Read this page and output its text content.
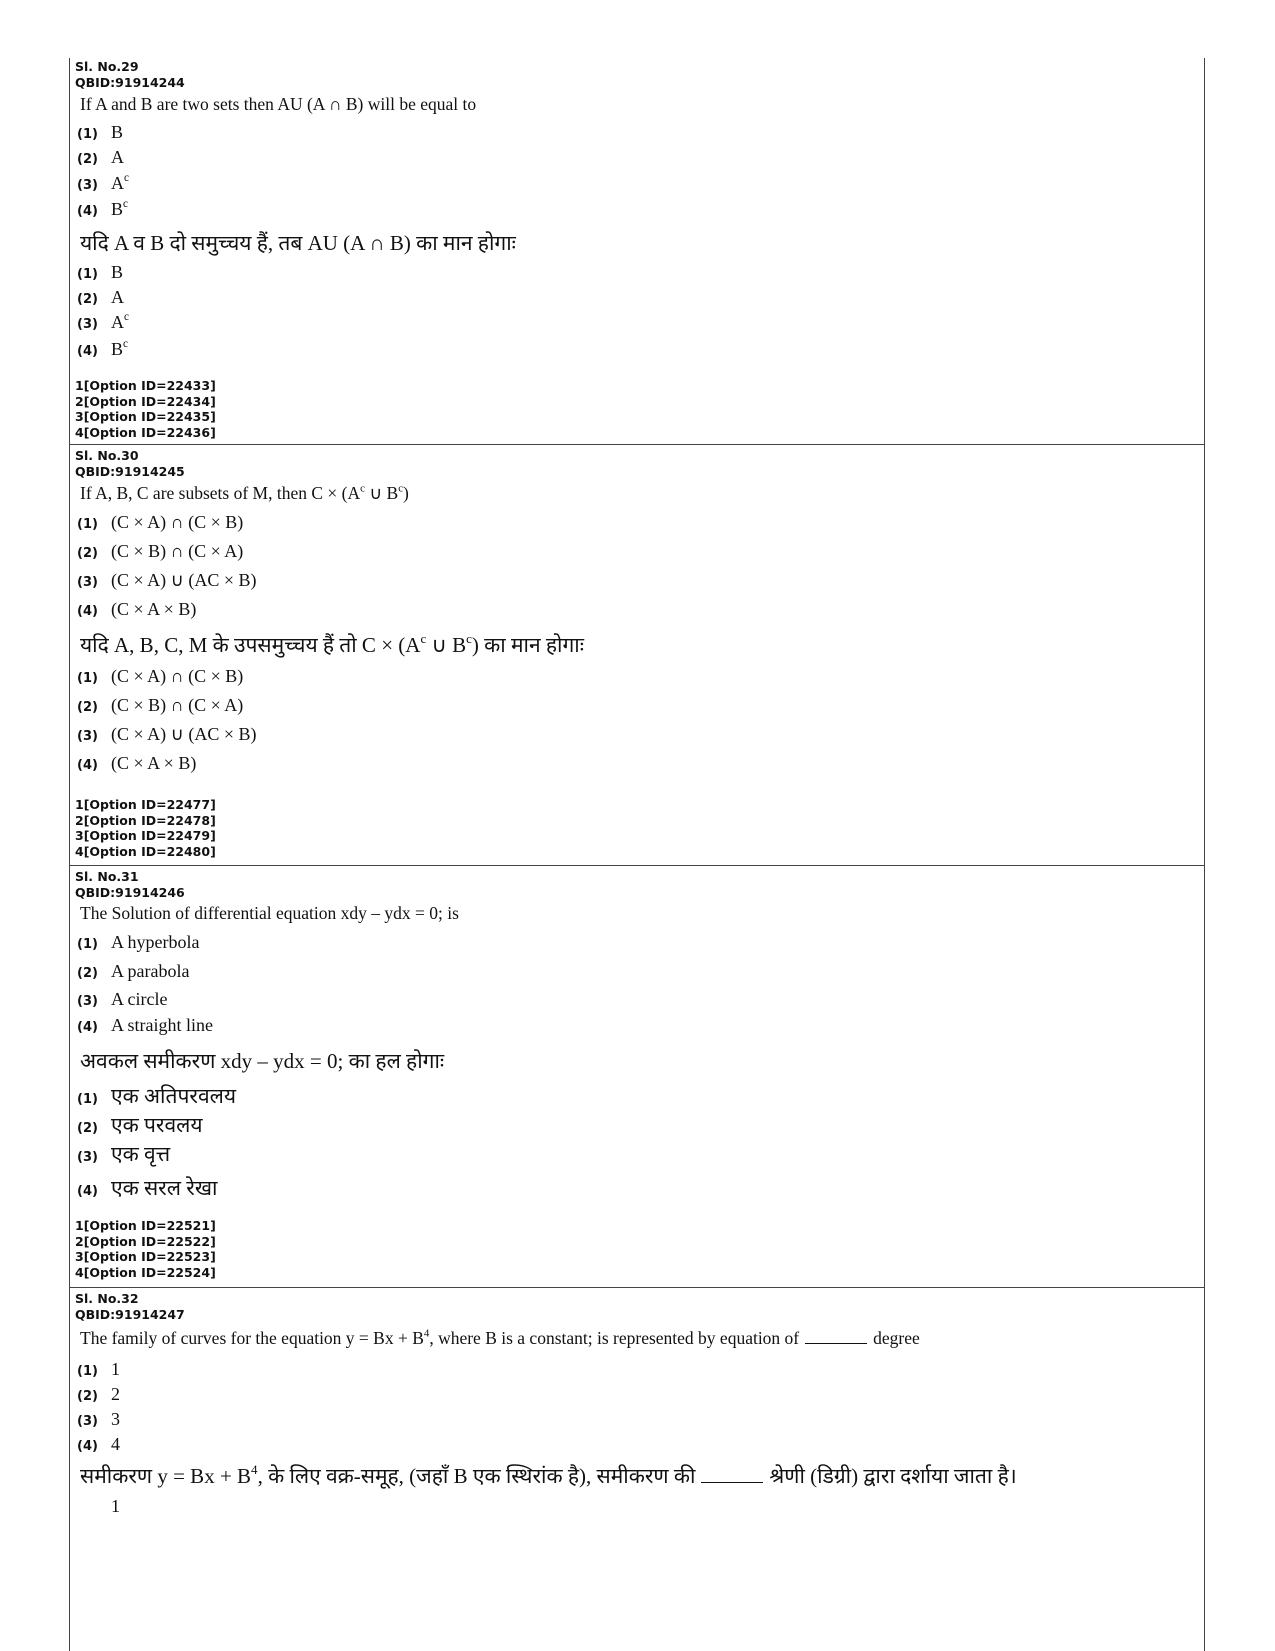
Sl. No.29
QBID:91914244
If A and B are two sets then AU (A ∩ B) will be equal to
(1) B
(2) A
(3) $A^c$
(4) $B^c$
यदि A व B दो समुच्चय हैं, तब AU (A ∩ B) का मान होगाः
(1) B
(2) A
(3) $A^c$
(4) $B^c$
1[Option ID=22433]
2[Option ID=22434]
3[Option ID=22435]
4[Option ID=22436]
Sl. No.30
QBID:91914245
If A, B, C are subsets of M, then $C \times (A^c$ ∪ $B^c$)
(1) (C × A) ∩ (C × B)
(2) (C × B) ∩ (C × A)
(3) (C × A) ∪ (AC × B)
(4) (C × A × B)
यदि A, B, C, M के उपसमुच्चय हैं तो $C \times (A^c$ ∪ $B^c$) का मान होगाः
(1) (C × A) ∩ (C × B)
(2) (C × B) ∩ (C × A)
(3) (C × A) ∪ (AC × B)
(4) (C × A × B)
1[Option ID=22477]
2[Option ID=22478]
3[Option ID=22479]
4[Option ID=22480]
Sl. No.31
QBID:91914246
The Solution of differential equation xdy – ydx = 0; is
(1) A hyperbola
(2) A parabola
(3) A circle
(4) A straight line
अवकल समीकरण xdy – ydx = 0; का हल होगाः
(1) एक अतिपरवलय
(2) एक परवलय
(3) एक वृत्त
(4) एक सरल रेखा
1[Option ID=22521]
2[Option ID=22522]
3[Option ID=22523]
4[Option ID=22524]
Sl. No.32
QBID:91914247
The family of curves for the equation $y = Bx + B^4$, where B is a constant; is represented by equation of	degree
(1) 1
(2) 2
(3) 3
(4) 4
समीकरण $y = Bx + B^4$, के लिए वक्र-समूह, (जहाँ B एक स्थिरांक है), समीकरण की	श्रेणी (डिग्री) द्वारा दर्शाया जाता है।
1
